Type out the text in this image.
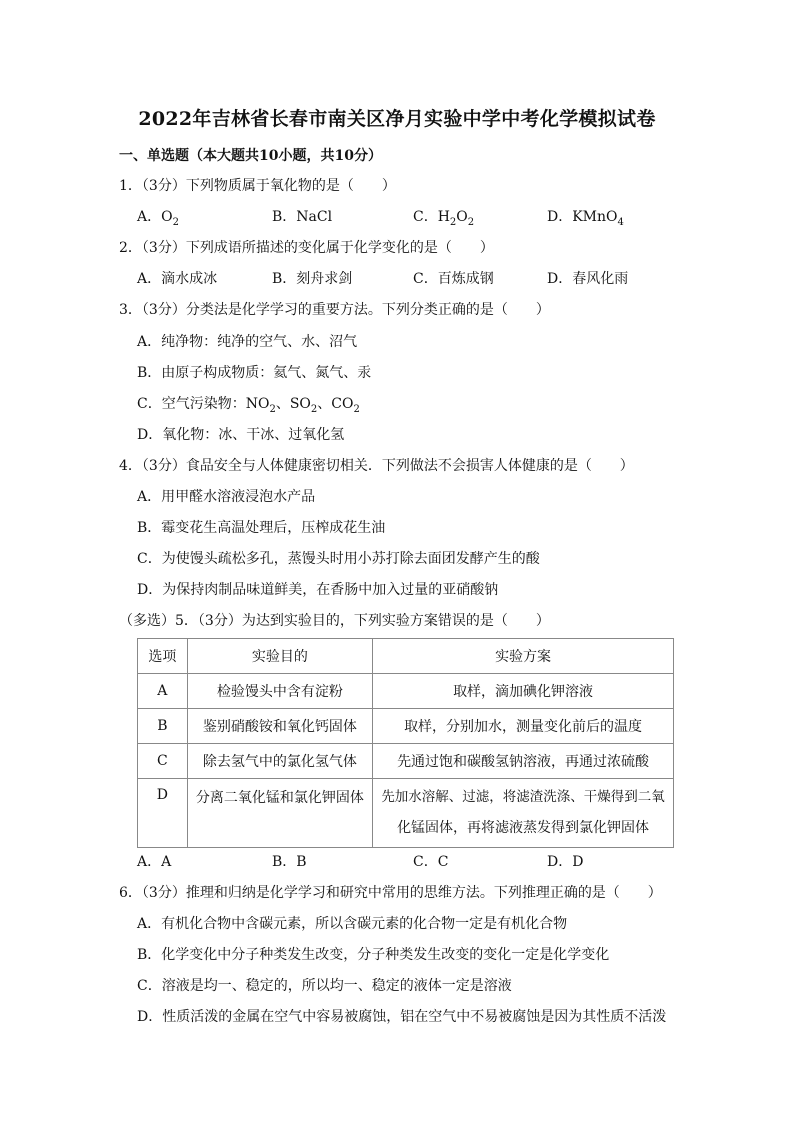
2022年吉林省长春市南关区净月实验中学中考化学模拟试卷
一、单选题（本大题共10小题，共10分）
1．（3分）下列物质属于氧化物的是（　　）
A．$O_2$	B．NaCl	C．$H_2O_2$	D．KMnO$_4$
2．（3分）下列成语所描述的变化属于化学变化的是（　　）
A．滴水成冰	B．刻舟求剑	C．百炼成钢	D．春风化雨
3．（3分）分类法是化学学习的重要方法。下列分类正确的是（　　）
A．纯净物：纯净的空气、水、沼气
B．由原子构成物质：氦气、氮气、汞
C．空气污染物：$NO_2$、$SO_2$、$CO_2$
D．氧化物：冰、干冰、过氧化氢
4．（3分）食品安全与人体健康密切相关．下列做法不会损害人体健康的是（　　）
A．用甲醛水溶液浸泡水产品
B．霉变花生高温处理后，压榨成花生油
C．为使馒头疏松多孔，蒸馒头时用小苏打除去面团发酵产生的酸
D．为保持肉制品味道鲜美，在香肠中加入过量的亚硝酸钠
（多选）5．（3分）为达到实验目的，下列实验方案错误的是（　　）
选项	实验目的	实验方案
A	检验馒头中含有淀粉	取样，滴加碘化钾溶液
B	鉴别硝酸铵和氧化钙固体	取样，分别加水，测量变化前后的温度
C	除去氢气中的氯化氢气体	先通过饱和碳酸氢钠溶液，再通过浓硫酸
D	分离二氧化锰和氯化钾固体	先加水溶解、过滤，将滤渣洗涤、干燥得到二氧
化锰固体，再将滤液蒸发得到氯化钾固体
A．A	B．B	C．C	D．D
6．（3分）推理和归纳是化学学习和研究中常用的思维方法。下列推理正确的是（　　）
A．有机化合物中含碳元素，所以含碳元素的化合物一定是有机化合物
B．化学变化中分子种类发生改变，分子种类发生改变的变化一定是化学变化
C．溶液是均一、稳定的，所以均一、稳定的液体一定是溶液
D．性质活泼的金属在空气中容易被腐蚀，铝在空气中不易被腐蚀是因为其性质不活泼
